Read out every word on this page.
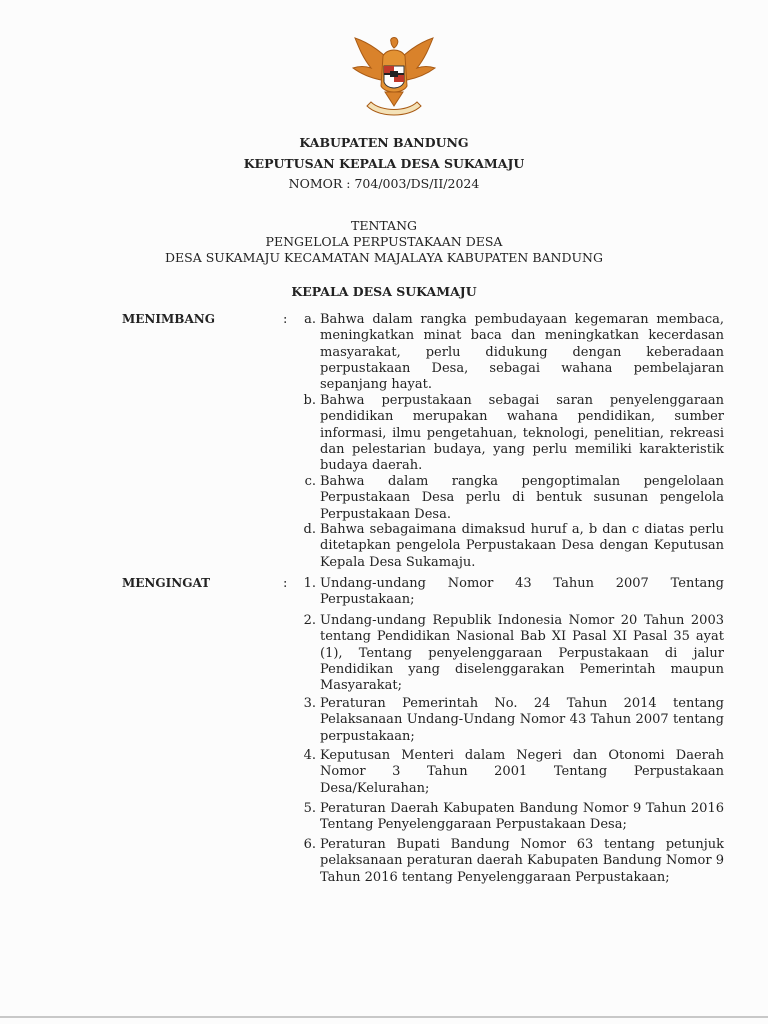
KABUPATEN BANDUNG
KEPUTUSAN KEPALA DESA SUKAMAJU
NOMOR : 704/003/DS/II/2024
TENTANG
PENGELOLA PERPUSTAKAAN DESA
DESA SUKAMAJU KECAMATAN MAJALAYA KABUPATEN BANDUNG
KEPALA DESA SUKAMAJU
MENIMBANG	:	a. Bahwa dalam rangka pembudayaan kegemaran membaca, meningkatkan minat baca dan meningkatkan kecerdasan masyarakat, perlu didukung dengan keberadaan perpustakaan Desa, sebagai wahana pembelajaran sepanjang hayat.
b. Bahwa perpustakaan sebagai saran penyelenggaraan pendidikan merupakan wahana pendidikan, sumber informasi, ilmu pengetahuan, teknologi, penelitian, rekreasi dan pelestarian budaya, yang perlu memiliki karakteristik budaya daerah.
c. Bahwa dalam rangka pengoptimalan pengelolaan Perpustakaan Desa perlu di bentuk susunan pengelola Perpustakaan Desa.
d. Bahwa sebagaimana dimaksud huruf a, b dan c diatas perlu ditetapkan pengelola Perpustakaan Desa dengan Keputusan Kepala Desa Sukamaju.
MENGINGAT	:	1. Undang-undang Nomor 43 Tahun 2007 Tentang Perpustakaan;
2. Undang-undang Republik Indonesia Nomor 20 Tahun 2003 tentang Pendidikan Nasional Bab XI Pasal XI Pasal 35 ayat (1), Tentang penyelenggaraan Perpustakaan di jalur Pendidikan yang diselenggarakan Pemerintah maupun Masyarakat;
3. Peraturan Pemerintah No. 24 Tahun 2014 tentang Pelaksanaan Undang-Undang Nomor 43 Tahun 2007 tentang perpustakaan;
4. Keputusan Menteri dalam Negeri dan Otonomi Daerah Nomor 3 Tahun 2001 Tentang Perpustakaan Desa/Kelurahan;
5. Peraturan Daerah Kabupaten Bandung Nomor 9 Tahun 2016 Tentang Penyelenggaraan Perpustakaan Desa;
6. Peraturan Bupati Bandung Nomor 63 tentang petunjuk pelaksanaan peraturan daerah Kabupaten Bandung Nomor 9 Tahun 2016 tentang Penyelenggaraan Perpustakaan;
